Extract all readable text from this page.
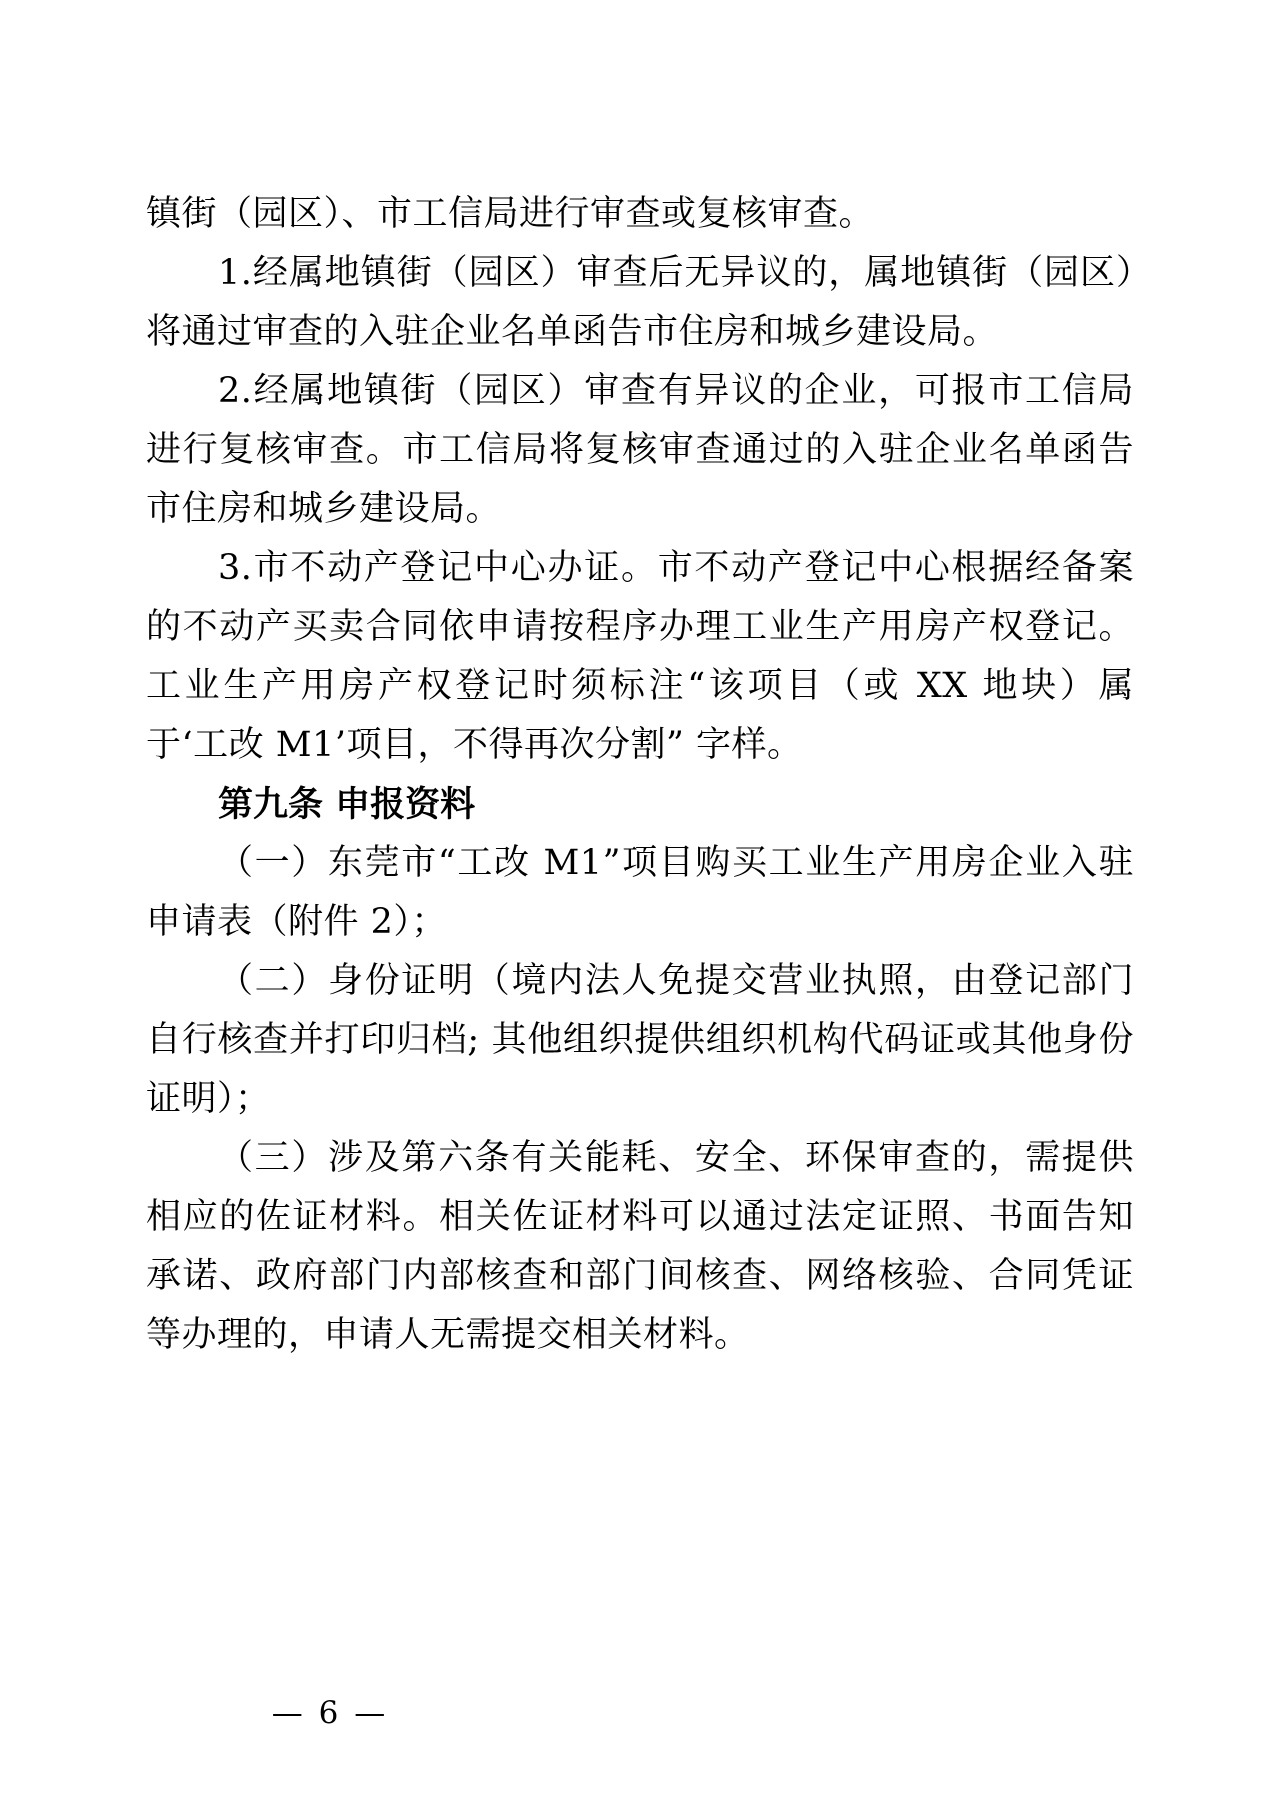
镇街（园区）、市工信局进行审查或复核审查。

1.经属地镇街（园区）审查后无异议的，属地镇街（园区）将通过审查的入驻企业名单函告市住房和城乡建设局。

2.经属地镇街（园区）审查有异议的企业，可报市工信局进行复核审查。市工信局将复核审查通过的入驻企业名单函告市住房和城乡建设局。

3.市不动产登记中心办证。市不动产登记中心根据经备案的不动产买卖合同依申请按程序办理工业生产用房产权登记。工业生产用房产权登记时须标注“该项目（或 XX 地块）属于‘工改 M1’项目，不得再次分割” 字样。

第九条 申报资料

（一）东莞市“工改 M1”项目购买工业生产用房企业入驻申请表（附件 2）；

（二）身份证明（境内法人免提交营业执照，由登记部门自行核查并打印归档; 其他组织提供组织机构代码证或其他身份证明）；

（三）涉及第六条有关能耗、安全、环保审查的，需提供相应的佐证材料。相关佐证材料可以通过法定证照、书面告知承诺、政府部门内部核查和部门间核查、网络核验、合同凭证等办理的，申请人无需提交相关材料。

— 6 —
